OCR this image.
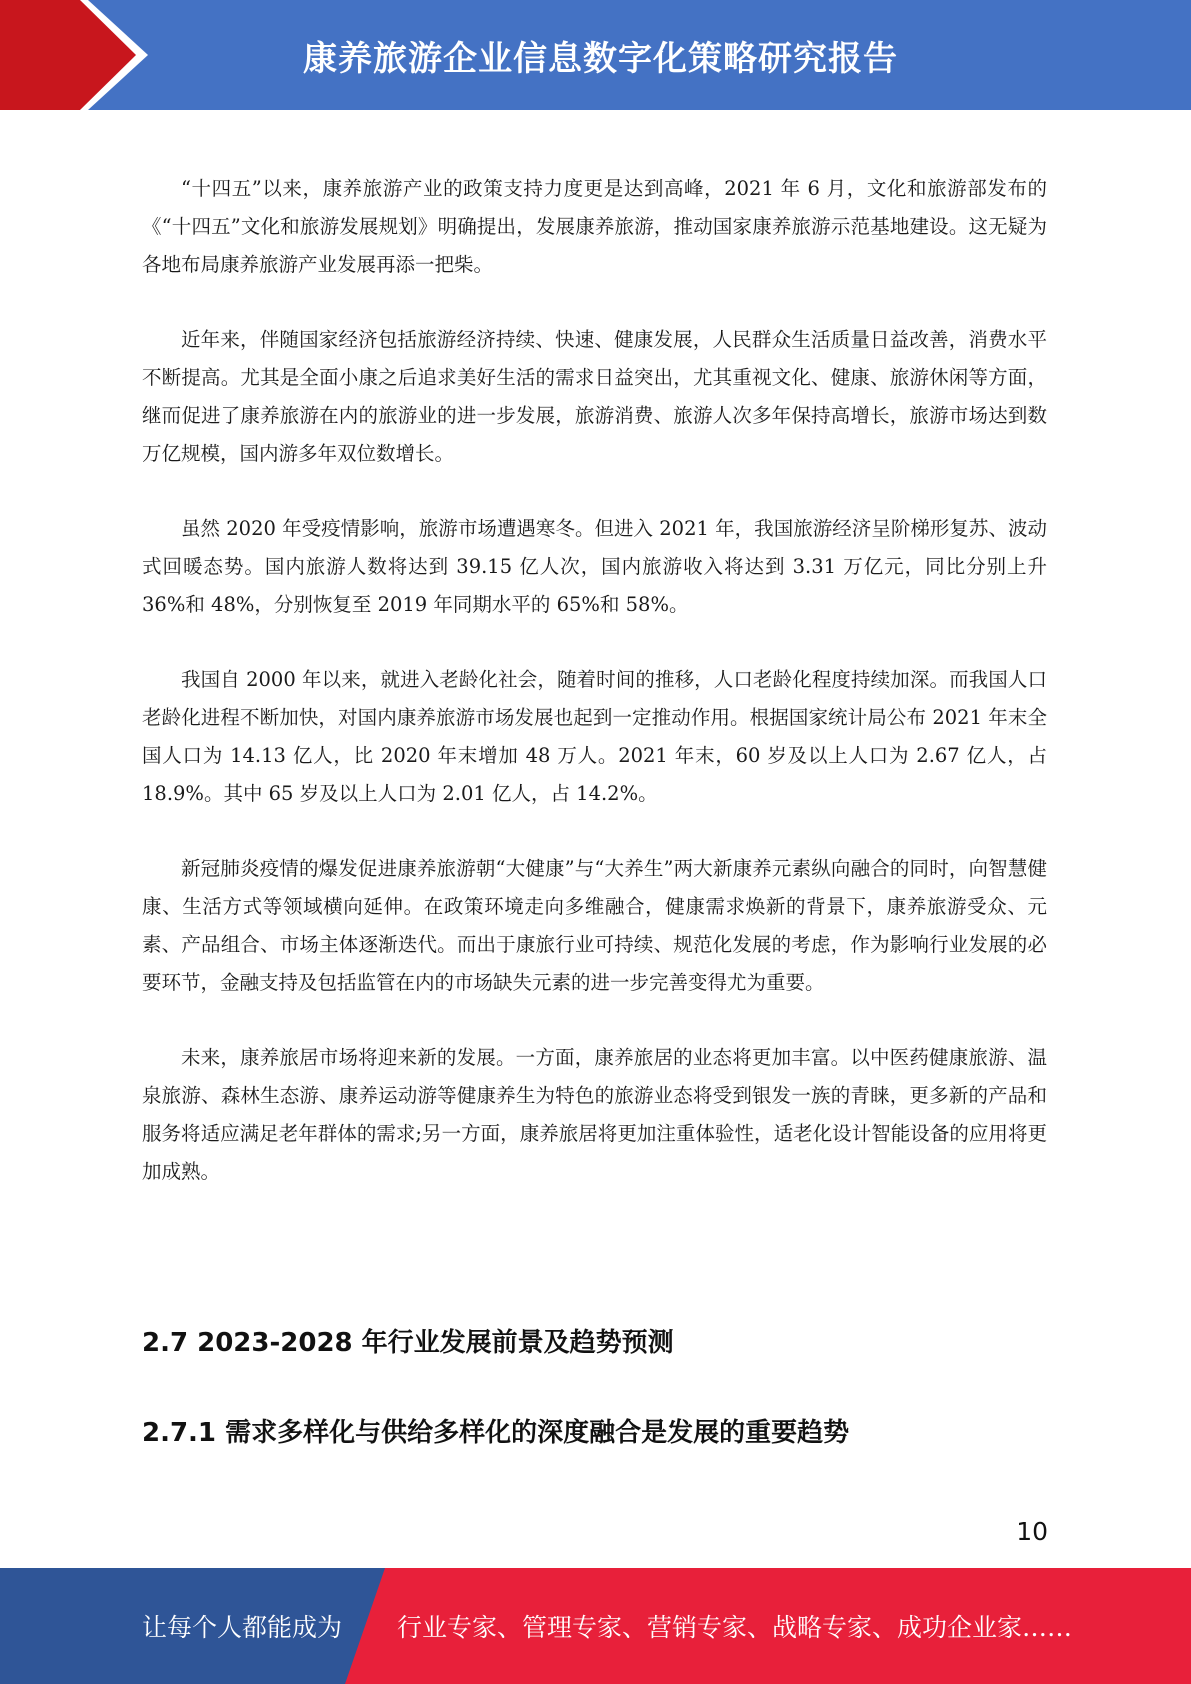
康养旅游企业信息数字化策略研究报告

“十四五”以来，康养旅游产业的政策支持力度更是达到高峰，2021 年 6 月，文化和旅游部发布的《“十四五”文化和旅游发展规划》明确提出，发展康养旅游，推动国家康养旅游示范基地建设。这无疑为各地布局康养旅游产业发展再添一把柴。

近年来，伴随国家经济包括旅游经济持续、快速、健康发展，人民群众生活质量日益改善，消费水平不断提高。尤其是全面小康之后追求美好生活的需求日益突出，尤其重视文化、健康、旅游休闲等方面，继而促进了康养旅游在内的旅游业的进一步发展，旅游消费、旅游人次多年保持高增长，旅游市场达到数万亿规模，国内游多年双位数增长。

虽然 2020 年受疫情影响，旅游市场遭遇寒冬。但进入 2021 年，我国旅游经济呈阶梯形复苏、波动式回暖态势。国内旅游人数将达到 39.15 亿人次，国内旅游收入将达到 3.31 万亿元，同比分别上升 36%和 48%，分别恢复至 2019 年同期水平的 65%和 58%。

我国自 2000 年以来，就进入老龄化社会，随着时间的推移，人口老龄化程度持续加深。而我国人口老龄化进程不断加快，对国内康养旅游市场发展也起到一定推动作用。根据国家统计局公布 2021 年末全国人口为 14.13 亿人，比 2020 年末增加 48 万人。2021 年末，60 岁及以上人口为 2.67 亿人，占 18.9%。其中 65 岁及以上人口为 2.01 亿人，占 14.2%。

新冠肺炎疫情的爆发促进康养旅游朝“大健康”与“大养生”两大新康养元素纵向融合的同时，向智慧健康、生活方式等领域横向延伸。在政策环境走向多维融合，健康需求焕新的背景下，康养旅游受众、元素、产品组合、市场主体逐渐迭代。而出于康旅行业可持续、规范化发展的考虑，作为影响行业发展的必要环节，金融支持及包括监管在内的市场缺失元素的进一步完善变得尤为重要。

未来，康养旅居市场将迎来新的发展。一方面，康养旅居的业态将更加丰富。以中医药健康旅游、温泉旅游、森林生态游、康养运动游等健康养生为特色的旅游业态将受到银发一族的青睐，更多新的产品和服务将适应满足老年群体的需求;另一方面，康养旅居将更加注重体验性，适老化设计智能设备的应用将更加成熟。

2.7 2023-2028 年行业发展前景及趋势预测
2.7.1 需求多样化与供给多样化的深度融合是发展的重要趋势
10
让每个人都能成为 行业专家、管理专家、营销专家、战略专家、成功企业家……
